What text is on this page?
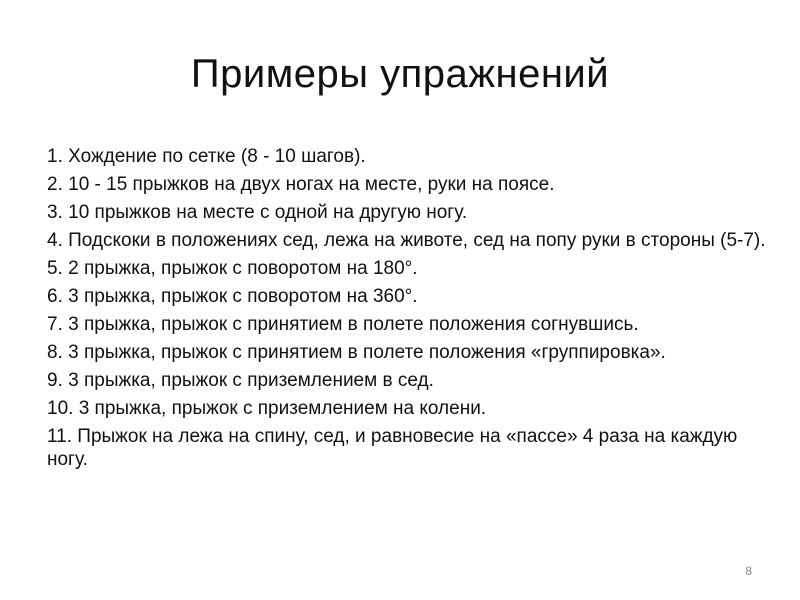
Примеры упражнений
1. Хождение по сетке (8 - 10 шагов).
2. 10 - 15 прыжков на двух ногах на месте, руки на поясе.
3. 10 прыжков на месте с одной на другую ногу.
4. Подскоки в положениях сед, лежа на животе, сед на попу руки в стороны (5-7).
5. 2 прыжка, прыжок с поворотом на 180°.
6. 3 прыжка, прыжок с поворотом на 360°.
7. 3 прыжка, прыжок с принятием в полете положения согнувшись.
8. 3 прыжка, прыжок с принятием в полете положения «группировка».
9. 3 прыжка, прыжок с приземлением в сед.
10. 3 прыжка, прыжок с приземлением на колени.
11. Прыжок на лежа на спину, сед, и равновесие на «пассе» 4 раза на каждую ногу.
8
